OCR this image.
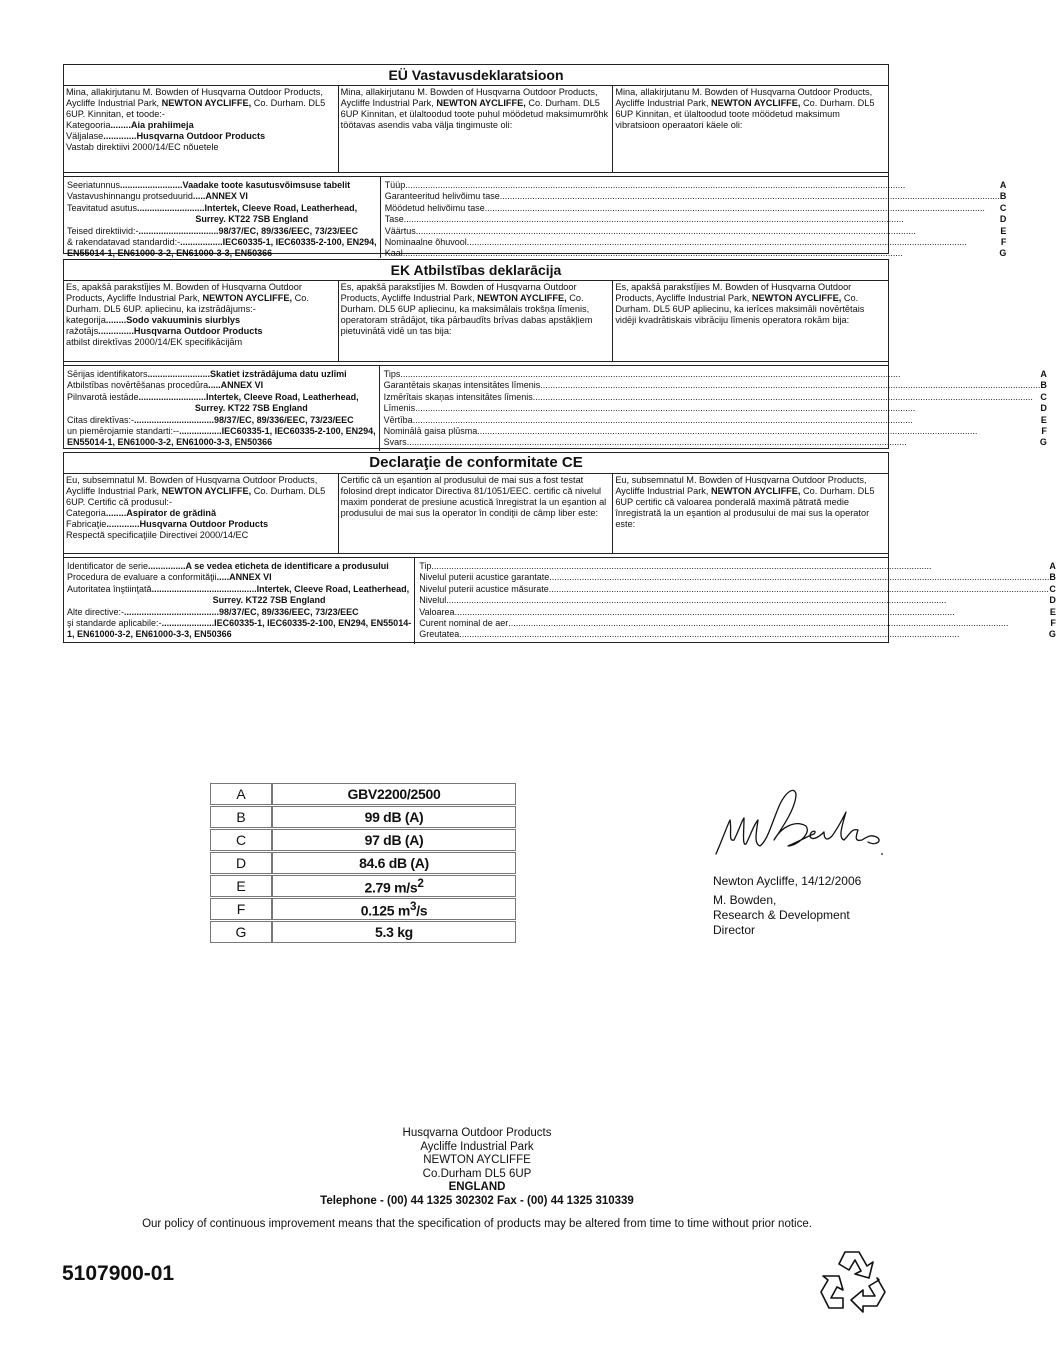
EÜ Vastavusdeklaratsioon
Mina, allakirjutanu M. Bowden of Husqvarna Outdoor Products, Aycliffe Industrial Park, NEWTON AYCLIFFE, Co. Durham. DL5 6UP. Kinnitan, et toode:-
Kategooria........Aia prahiimeja
Väljalase.............Husqvarna Outdoor Products
Vastab direktiivi 2000/14/EC nõuetele
Mina, allakirjutanu M. Bowden of Husqvarna Outdoor Products, Aycliffe Industrial Park, NEWTON AYCLIFFE, Co. Durham. DL5 6UP Kinnitan, et ülaltoodud toote puhul möödetud maksimumrõhk töötavas asendis vaba välja tingimuste oli:
Mina, allakirjutanu M. Bowden of Husqvarna Outdoor Products, Aycliffe Industrial Park, NEWTON AYCLIFFE, Co. Durham. DL5 6UP Kinnitan, et ülaltoodud toote möödetud maksimum vibratsioon operaatori käele oli:
Seeriatunnus.........................Vaadake toote kasutusvõimsuse tabelit
Vastavushinnangu protseduurid.....ANNEX VI
Teavitatud asutus...........................Intertek, Cleeve Road, Leatherhead,
Surrey. KT22 7SB England
Teised direktiivid:-................................98/37/EC, 89/336/EEC, 73/23/EEC
& rakendatavad standardid:-.................IEC60335-1, IEC60335-2-100, EN294,
EN55014-1, EN61000-3-2, EN61000-3-3, EN50366
Tüüp .....	A
Garanteeritud helivõimu tase .....	B
Möödetud helivõimu tase .....	C
Tase .....	D
Väärtus .....	E
Nominaalne õhuvool .....	F
Kaal .....	G
EK Atbilstības deklarācija
Es, apakšā parakstījies M. Bowden of Husqvarna Outdoor Products, Aycliffe Industrial Park, NEWTON AYCLIFFE, Co. Durham. DL5 6UP. apliecinu, ka izstrādājums:-
kategorija........Sodo vakuuminis siurblys
ražotājs..............Husqvarna Outdoor Products
atbilst direktīvas 2000/14/EK specifikācijām
Es, apakšā parakstījies M. Bowden of Husqvarna Outdoor Products, Aycliffe Industrial Park, NEWTON AYCLIFFE, Co. Durham. DL5 6UP apliecinu, ka maksimālais trokšņa līmenis, operatoram strādājot, tika pārbaudīts brīvas dabas apstākļiem pietuvinātā vidē un tas bija:
Es, apakšā parakstījies M. Bowden of Husqvarna Outdoor Products, Aycliffe Industrial Park, NEWTON AYCLIFFE, Co. Durham. DL5 6UP apliecinu, ka ierīces maksimāli novērtētais vidēji kvadrātiskais vibrāciju līmenis operatora rokām bija:
Sērijas identifikators.........................Skatiet izstrādājuma datu uzlīmi
Atbilstības novērtēšanas procedūra.....ANNEX VI
Pilnvarotā iestāde...........................Intertek, Cleeve Road, Leatherhead,
Surrey. KT22 7SB England
Citas direktīvas:-................................98/37/EC, 89/336/EEC, 73/23/EEC
un piemērojamie standarti:--.................IEC60335-1, IEC60335-2-100, EN294,
EN55014-1, EN61000-3-2, EN61000-3-3, EN50366
Tips .....	A
Garantētais skaņas intensitātes līmenis .....	B
Izmērītais skaņas intensitātes līmenis .....	C
Līmenis .....	D
Vērtība .....	E
Nominālā gaisa plūsma .....	F
Svars .....	G
Declaraţie de conformitate CE
Eu, subsemnatul M. Bowden of Husqvarna Outdoor Products, Aycliffe Industrial Park, NEWTON AYCLIFFE, Co. Durham. DL5 6UP. Certific că produsul:-
Categoria........Aspirator de grădină
Fabricaţie.............Husqvarna Outdoor Products
Respectă specificaţiile Directivei 2000/14/EC
Certific că un eşantion al produsului de mai sus a fost testat folosind drept indicator Directiva 81/1051/EEC. certific că nivelul maxim ponderat de presiune acustică înregistrat la un eşantion al produsului de mai sus la operator în condiţii de câmp liber este:
Eu, subsemnatul M. Bowden of Husqvarna Outdoor Products, Aycliffe Industrial Park, NEWTON AYCLIFFE, Co. Durham. DL5 6UP certific că valoarea ponderală maximă pătrată medie înregistrată la un eşantion al produsului de mai sus la operator este:
Identificator de serie...............A se vedea eticheta de identificare a produsului
Procedura de evaluare a conformităţii.....ANNEX VI
Autoritatea înştiinţată..........................................Intertek, Cleeve Road, Leatherhead,
Surrey. KT22 7SB England
Alte directive:-......................................98/37/EC, 89/336/EEC, 73/23/EEC
şi standarde aplicabile:-.....................IEC60335-1, IEC60335-2-100, EN294, EN55014-
1, EN61000-3-2, EN61000-3-3, EN50366
Tip .....	A
Nivelul puterii acustice garantate .....	B
Nivelul puterii acustice măsurate .....	C
Nivelul .....	D
Valoarea .....	E
Curent nominal de aer .....	F
Greutatea .....	G
A	GBV2200/2500
B	99 dB (A)
C	97 dB (A)
D	84.6 dB (A)
E	2.79 $m/s^2$
F	0.125 $m^3/s$
G	5.3 kg
Newton Aycliffe, 14/12/2006
M. Bowden,
Research & Development
Director
Husqvarna Outdoor Products
Aycliffe Industrial Park
NEWTON AYCLIFFE
Co.Durham DL5 6UP
ENGLAND
Telephone - (00) 44 1325 302302 Fax - (00) 44 1325 310339
Our policy of continuous improvement means that the specification of products may be altered from time to time without prior notice.
5107900-01
